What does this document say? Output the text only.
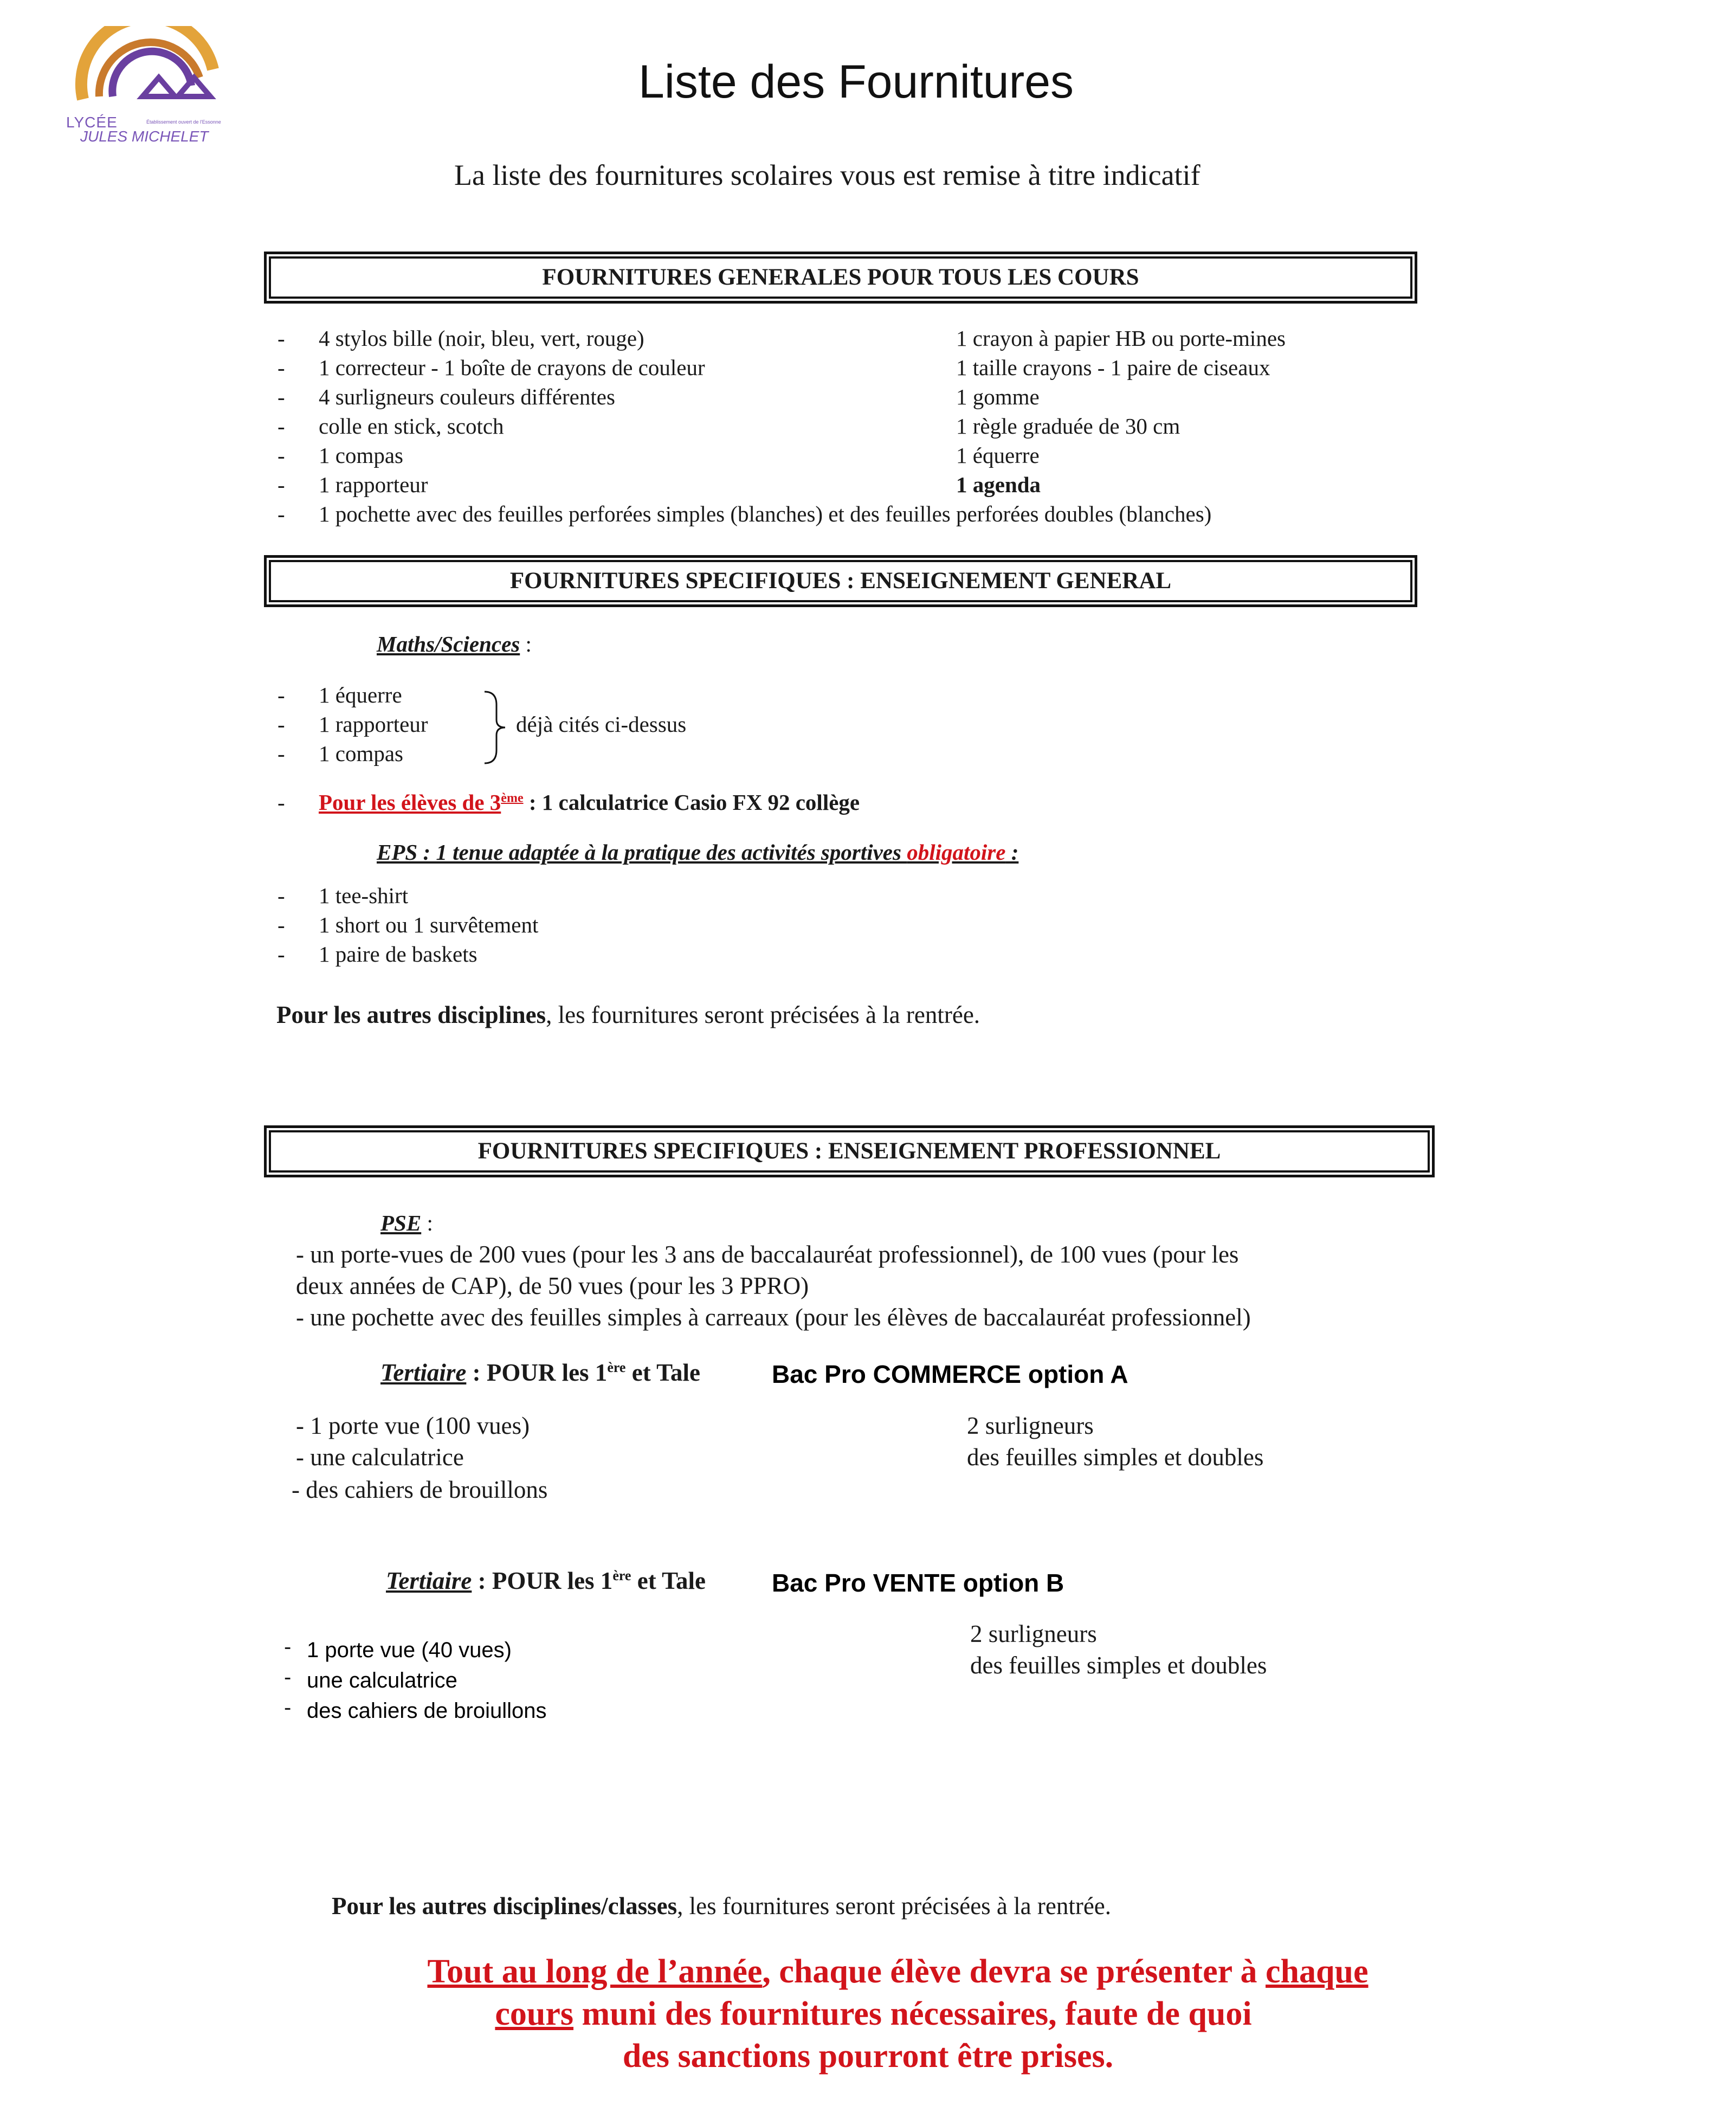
LYCÉE
JULES MICHELET
Établissement ouvert de l'Essonne
Liste des Fournitures
La liste des fournitures scolaires vous est remise à titre indicatif
FOURNITURES GENERALES POUR TOUS LES COURS
- 4 stylos bille (noir, bleu, vert, rouge)	1 crayon à papier HB ou porte-mines
- 1 correcteur - 1 boîte de crayons de couleur	1 taille crayons - 1 paire de ciseaux
- 4 surligneurs couleurs différentes	1 gomme
- colle en stick, scotch	1 règle graduée de 30 cm
- 1 compas	1 équerre
- 1 rapporteur	1 agenda
- 1 pochette avec des feuilles perforées simples (blanches) et des feuilles perforées doubles (blanches)
FOURNITURES SPECIFIQUES : ENSEIGNEMENT GENERAL
Maths/Sciences :
- 1 équerre
- 1 rapporteur
- 1 compas
déjà cités ci-dessus
- Pour les élèves de 3ème : 1 calculatrice Casio FX 92 collège
EPS : 1 tenue adaptée à la pratique des activités sportives obligatoire :
- 1 tee-shirt
- 1 short ou 1 survêtement
- 1 paire de baskets
Pour les autres disciplines, les fournitures seront précisées à la rentrée.
FOURNITURES SPECIFIQUES : ENSEIGNEMENT PROFESSIONNEL
PSE :
- un porte-vues de 200 vues (pour les 3 ans de baccalauréat professionnel), de 100 vues (pour les
deux années de CAP), de 50 vues (pour les 3 PPRO)
- une pochette avec des feuilles simples à carreaux (pour les élèves de baccalauréat professionnel)
Tertiaire : POUR les 1ère et Tale	Bac Pro COMMERCE option A
- 1 porte vue (100 vues)
- une calculatrice
- des cahiers de brouillons
2 surligneurs
des feuilles simples et doubles
Tertiaire : POUR les 1ère et Tale	Bac Pro VENTE option B
- 1 porte vue (40 vues)
- une calculatrice
- des cahiers de broiullons
2 surligneurs
des feuilles simples et doubles
Pour les autres disciplines/classes, les fournitures seront précisées à la rentrée.
Tout au long de l’année, chaque élève devra se présenter à chaque
cours muni des fournitures nécessaires, faute de quoi
des sanctions pourront être prises.
